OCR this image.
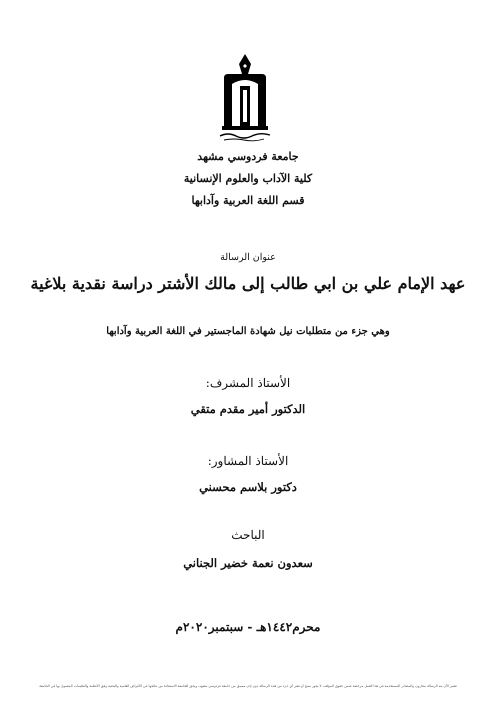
جامعة فردوسي مشهد
كلية الآداب والعلوم الإنسانية
قسم اللغة العربية وآدابها
عنوان الرسالة
عهد الإمام علي بن ابي طالب إلى مالك الأشتر دراسة نقدية بلاغية
وهي جزء من متطلبات نيل شهادة الماجستير في اللغة العربية وآدابها
الأستاذ المشرف:
الدكتور أمير مقدم متقي
الأستاذ المشاور:
دكتور بلاسم محسني
الباحث
سعدون نعمة خضير الجناني
محرم١٤٤٢هـ - سبتمبر٢٠٢٠م
تشير الآن بنه الرسالة مجارون والمصادر المستخدمة في هذا العمل مرخصة ضمن حقوق المؤلف، لا يجوز نسخ أو نشر أي جزء من هذه الرسالة دون إذن مسبق من جامعة فردوسي مشهد، ويحق للجامعة الاستفادة من نتائجها في الأغراض العلمية والبحثية وفق الأنظمة والتعليمات المعمول بها في الجامعة
